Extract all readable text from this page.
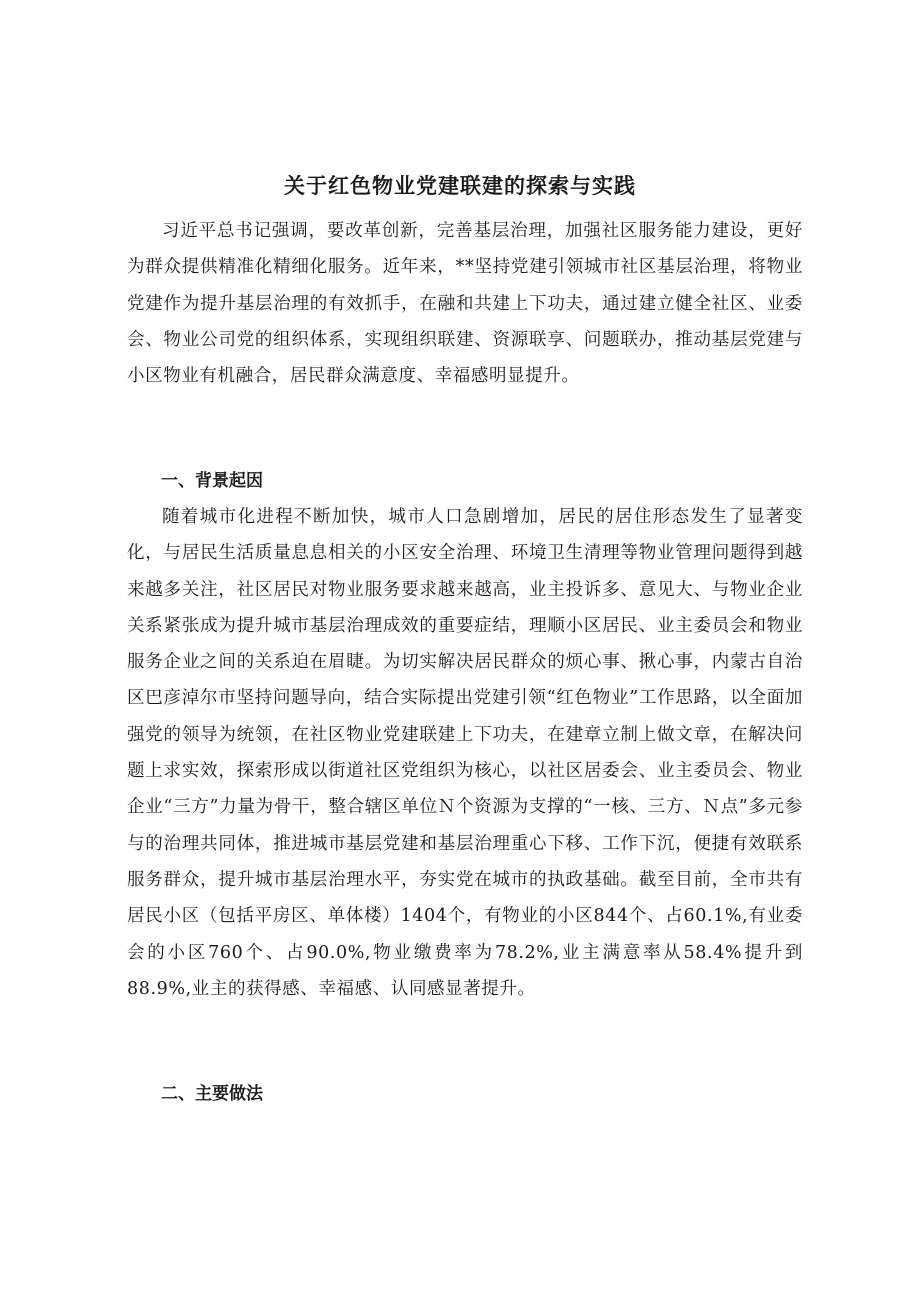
关于红色物业党建联建的探索与实践

习近平总书记强调，要改革创新，完善基层治理，加强社区服务能力建设，更好为群众提供精准化精细化服务。近年来，**坚持党建引领城市社区基层治理，将物业党建作为提升基层治理的有效抓手，在融和共建上下功夫，通过建立健全社区、业委会、物业公司党的组织体系，实现组织联建、资源联享、问题联办，推动基层党建与小区物业有机融合，居民群众满意度、幸福感明显提升。

一、背景起因

随着城市化进程不断加快，城市人口急剧增加，居民的居住形态发生了显著变化，与居民生活质量息息相关的小区安全治理、环境卫生清理等物业管理问题得到越来越多关注，社区居民对物业服务要求越来越高，业主投诉多、意见大、与物业企业关系紧张成为提升城市基层治理成效的重要症结，理顺小区居民、业主委员会和物业服务企业之间的关系迫在眉睫。为切实解决居民群众的烦心事、揪心事，内蒙古自治区巴彦淖尔市坚持问题导向，结合实际提出党建引领“红色物业”工作思路，以全面加强党的领导为统领，在社区物业党建联建上下功夫，在建章立制上做文章，在解决问题上求实效，探索形成以街道社区党组织为核心，以社区居委会、业主委员会、物业企业“三方”力量为骨干，整合辖区单位Ｎ个资源为支撑的“一核、三方、Ｎ点”多元参与的治理共同体，推进城市基层党建和基层治理重心下移、工作下沉，便捷有效联系服务群众，提升城市基层治理水平，夯实党在城市的执政基础。截至目前，全市共有居民小区（包括平房区、单体楼）1404个，有物业的小区844个、占60.1%,有业委会的小区760个、占90.0%,物业缴费率为78.2%,业主满意率从58.4%提升到88.9%,业主的获得感、幸福感、认同感显著提升。

二、主要做法
